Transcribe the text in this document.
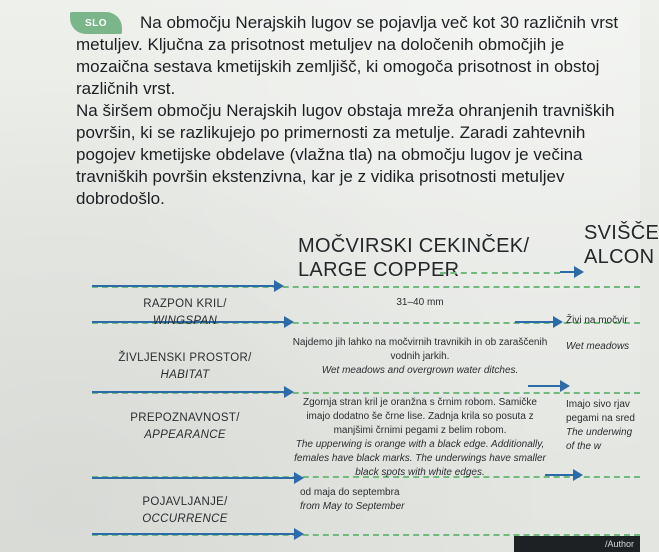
SLO	Na območju Nerajskih lugov se pojavlja več kot 30 različnih vrst metuljev. Ključna za prisotnost metuljev na določenih območjih je mozaična sestava kmetijskih zemljišč, ki omogoča prisotnost in obstoj različnih vrst.

Na širšem območju Nerajskih lugov obstaja mreža ohranjenih travniških površin, ki se razlikujejo po primernosti za metulje. Zaradi zahtevnih pogojev kmetijske obdelave (vlažna tla) na območju lugov je večina travniških površin ekstenzivna, kar je z vidika prisotnosti metuljev dobrodošlo.

MOČVIRSKI CEKINČEK/
LARGE COPPER
SVIŠČE
ALCON
RAZPON KRIL/
WINGSPAN
ŽIVLJENSKI PROSTOR/
HABITAT
PREPOZNAVNOST/
APPEARANCE
POJAVLJANJE/
OCCURRENCE
31–40 mm
Najdemo jih lahko na močvirnih travnikih in ob zaraščenih vodnih jarkih.
Wet meadows and overgrown water ditches.
Zgornja stran kril je oranžna s črnim robom. Samičke imajo dodatno še črne lise. Zadnja krila so posuta z manjšimi črnimi pegami z belim robom.
The upperwing is orange with a black edge. Additionally, females have black marks. The underwings have smaller black spots with white edges.
od maja do septembra
from May to September
Živi na močvir
Wet meadows
Imajo sivo rjav pegami na sred The underwing of the w
/Author
